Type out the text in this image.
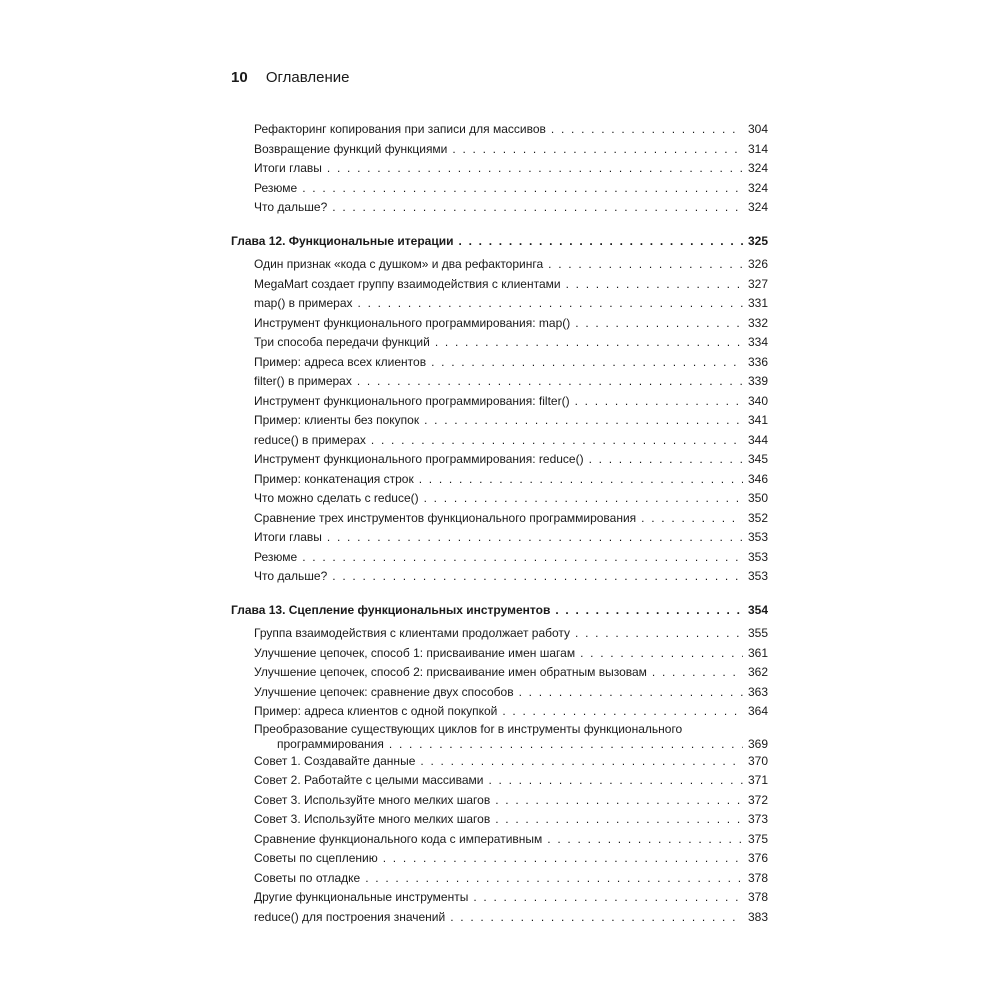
10 Оглавление
Рефакторинг копирования при записи для массивов . . .	304
Возвращение функций функциями . . .	314
Итоги главы . . .	324
Резюме . . .	324
Что дальше? . . .	324
Глава 12. Функциональные итерации . . .	325
Один признак «кода с душком» и два рефакторинга . . .	326
MegaMart создает группу взаимодействия с клиентами . . .	327
map() в примерах . . .	331
Инструмент функционального программирования: map() . . .	332
Три способа передачи функций . . .	334
Пример: адреса всех клиентов . . .	336
filter() в примерах . . .	339
Инструмент функционального программирования: filter() . . .	340
Пример: клиенты без покупок . . .	341
reduce() в примерах . . .	344
Инструмент функционального программирования: reduce() . . .	345
Пример: конкатенация строк . . .	346
Что можно сделать с reduce() . . .	350
Сравнение трех инструментов функционального программирования . . .	352
Итоги главы . . .	353
Резюме . . .	353
Что дальше? . . .	353
Глава 13. Сцепление функциональных инструментов . . .	354
Группа взаимодействия с клиентами продолжает работу . . .	355
Улучшение цепочек, способ 1: присваивание имен шагам . . .	361
Улучшение цепочек, способ 2: присваивание имен обратным вызовам . . .	362
Улучшение цепочек: сравнение двух способов . . .	363
Пример: адреса клиентов с одной покупкой . . .	364
Преобразование существующих циклов for в инструменты функционального
программирования . . .	369
Совет 1. Создавайте данные . . .	370
Совет 2. Работайте с целыми массивами . . .	371
Совет 3. Используйте много мелких шагов . . .	372
Совет 3. Используйте много мелких шагов . . .	373
Сравнение функционального кода с императивным . . .	375
Советы по сцеплению . . .	376
Советы по отладке . . .	378
Другие функциональные инструменты . . .	378
reduce() для построения значений . . .	383
